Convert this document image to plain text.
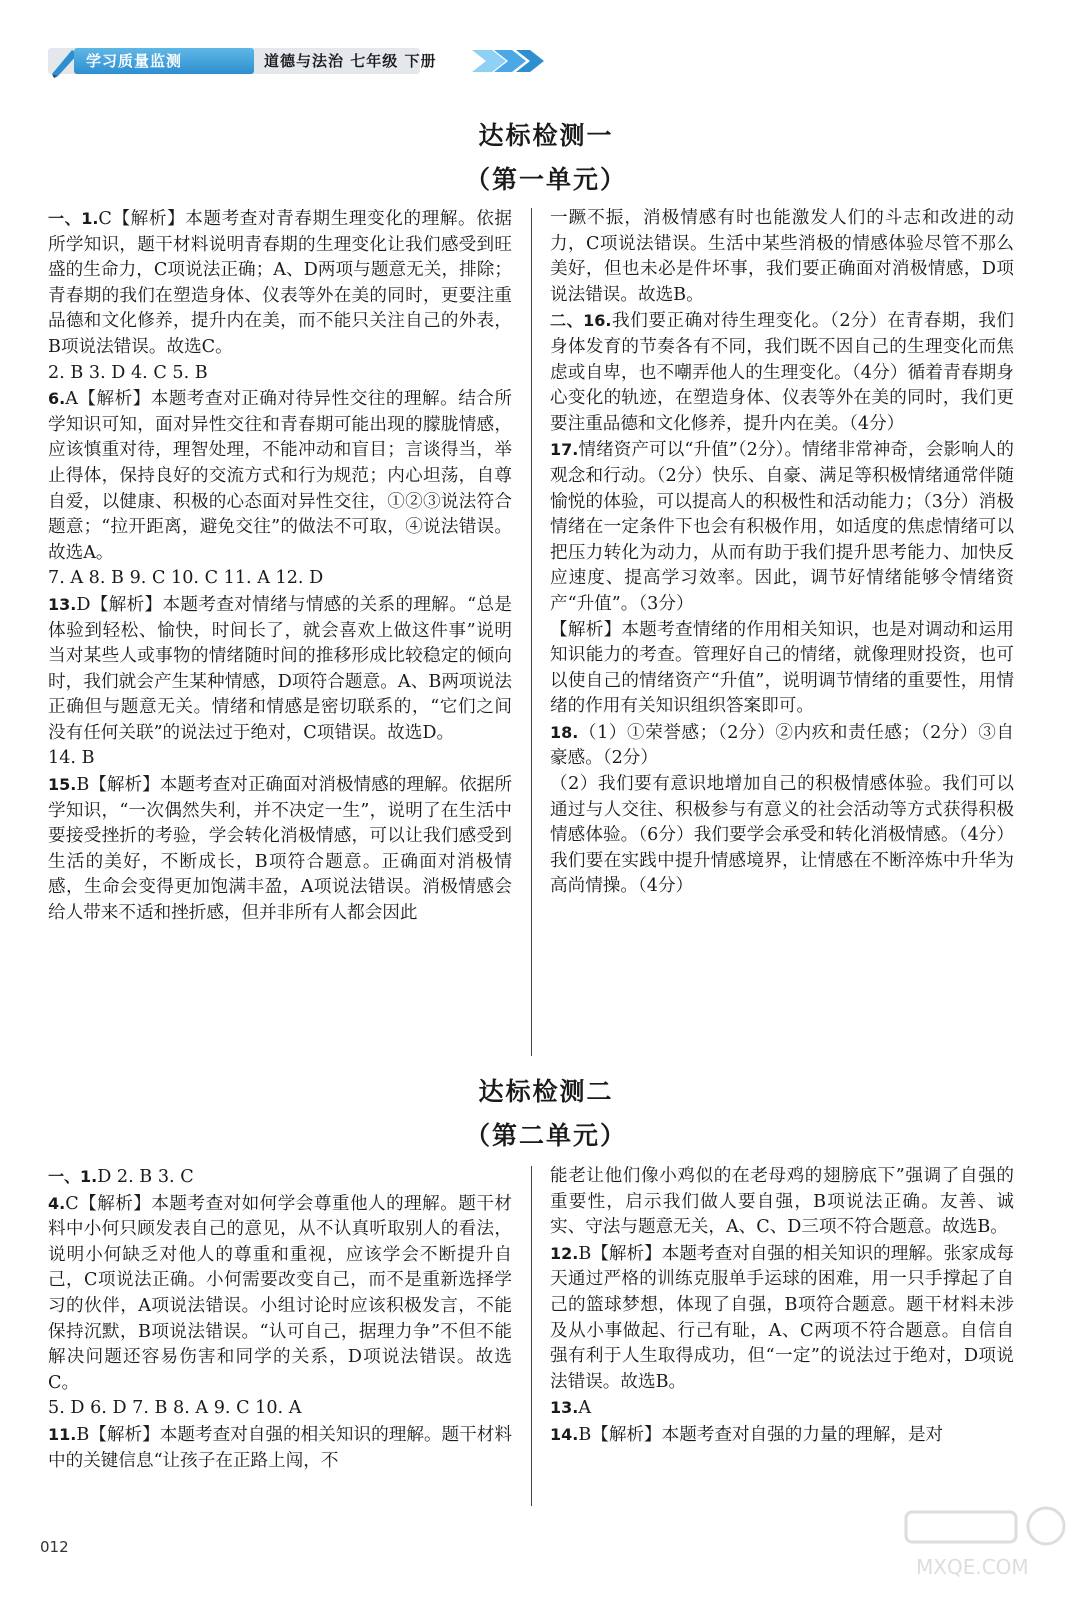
学习质量监测	道德与法治 七年级 下册
达标检测一
（第一单元）
一、1.C【解析】本题考查对青春期生理变化的理解。依据所学知识，题干材料说明青春期的生理变化让我们感受到旺盛的生命力，C项说法正确；A、D两项与题意无关，排除；青春期的我们在塑造身体、仪表等外在美的同时，更要注重品德和文化修养，提升内在美，而不能只关注自己的外表，B项说法错误。故选C。
2. B 3. D 4. C 5. B
6.A【解析】本题考查对正确对待异性交往的理解。结合所学知识可知，面对异性交往和青春期可能出现的朦胧情感，应该慎重对待，理智处理，不能冲动和盲目；言谈得当，举止得体，保持良好的交流方式和行为规范；内心坦荡，自尊自爱，以健康、积极的心态面对异性交往，①②③说法符合题意；“拉开距离，避免交往”的做法不可取，④说法错误。故选A。
7. A 8. B 9. C 10. C 11. A 12. D
13.D【解析】本题考查对情绪与情感的关系的理解。“总是体验到轻松、愉快，时间长了，就会喜欢上做这件事”说明当对某些人或事物的情绪随时间的推移形成比较稳定的倾向时，我们就会产生某种情感，D项符合题意。A、B两项说法正确但与题意无关。情绪和情感是密切联系的，“它们之间没有任何关联”的说法过于绝对，C项错误。故选D。
14. B
15.B【解析】本题考查对正确面对消极情感的理解。依据所学知识，“一次偶然失利，并不决定一生”，说明了在生活中要接受挫折的考验，学会转化消极情感，可以让我们感受到生活的美好，不断成长，B项符合题意。正确面对消极情感，生命会变得更加饱满丰盈，A项说法错误。消极情感会给人带来不适和挫折感，但并非所有人都会因此
一蹶不振，消极情感有时也能激发人们的斗志和改进的动力，C项说法错误。生活中某些消极的情感体验尽管不那么美好，但也未必是件坏事，我们要正确面对消极情感，D项说法错误。故选B。
二、16.我们要正确对待生理变化。（2分）在青春期，我们身体发育的节奏各有不同，我们既不因自己的生理变化而焦虑或自卑，也不嘲弄他人的生理变化。（4分）循着青春期身心变化的轨迹，在塑造身体、仪表等外在美的同时，我们更要注重品德和文化修养，提升内在美。（4分）
17.情绪资产可以“升值”（2分）。情绪非常神奇，会影响人的观念和行动。（2分）快乐、自豪、满足等积极情绪通常伴随愉悦的体验，可以提高人的积极性和活动能力；（3分）消极情绪在一定条件下也会有积极作用，如适度的焦虑情绪可以把压力转化为动力，从而有助于我们提升思考能力、加快反应速度、提高学习效率。因此，调节好情绪能够令情绪资产“升值”。（3分）
【解析】本题考查情绪的作用相关知识，也是对调动和运用知识能力的考查。管理好自己的情绪，就像理财投资，也可以使自己的情绪资产“升值”，说明调节情绪的重要性，用情绪的作用有关知识组织答案即可。
18.（1）①荣誉感；（2分）②内疚和责任感；（2分）③自豪感。（2分）
（2）我们要有意识地增加自己的积极情感体验。我们可以通过与人交往、积极参与有意义的社会活动等方式获得积极情感体验。（6分）我们要学会承受和转化消极情感。（4分）我们要在实践中提升情感境界，让情感在不断淬炼中升华为高尚情操。（4分）
达标检测二
（第二单元）
一、1.D 2. B 3. C
4.C【解析】本题考查对如何学会尊重他人的理解。题干材料中小何只顾发表自己的意见，从不认真听取别人的看法，说明小何缺乏对他人的尊重和重视，应该学会不断提升自己，C项说法正确。小何需要改变自己，而不是重新选择学习的伙伴，A项说法错误。小组讨论时应该积极发言，不能保持沉默，B项说法错误。“认可自己，据理力争”不但不能解决问题还容易伤害和同学的关系，D项说法错误。故选C。
5. D 6. D 7. B 8. A 9. C 10. A
11.B【解析】本题考查对自强的相关知识的理解。题干材料中的关键信息“让孩子在正路上闯，不
能老让他们像小鸡似的在老母鸡的翅膀底下”强调了自强的重要性，启示我们做人要自强，B项说法正确。友善、诚实、守法与题意无关，A、C、D三项不符合题意。故选B。
12.B【解析】本题考查对自强的相关知识的理解。张家成每天通过严格的训练克服单手运球的困难，用一只手撑起了自己的篮球梦想，体现了自强，B项符合题意。题干材料未涉及从小事做起、行己有耻，A、C两项不符合题意。自信自强有利于人生取得成功，但“一定”的说法过于绝对，D项说法错误。故选B。
13.A
14.B【解析】本题考查对自强的力量的理解，是对
012
MXQE.COM
